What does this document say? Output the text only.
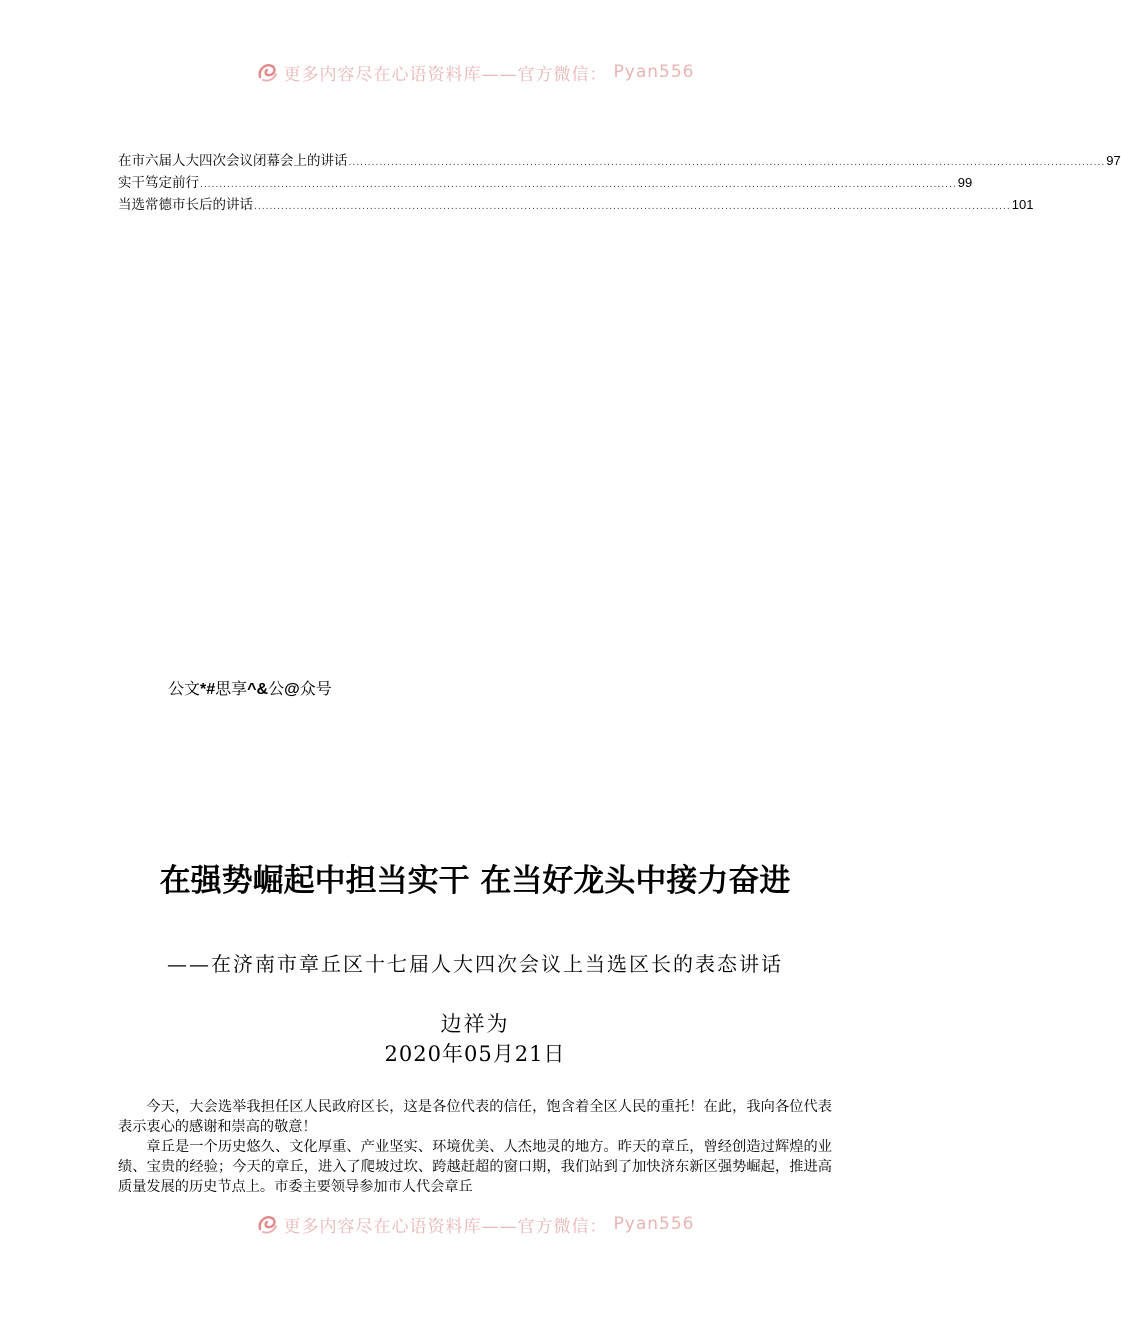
更多内容尽在心语资料库——官方微信： Pyan556
在市六届人大四次会议闭幕会上的讲话 .................................................................................................................................................................................................... 97
实干笃定前行 .................................................................................................................................................................................................... 99
当选常德市长后的讲话 .................................................................................................................................................................................................... 101
公文*#思享^&公@众号
在强势崛起中担当实干 在当好龙头中接力奋进
——在济南市章丘区十七届人大四次会议上当选区长的表态讲话
边祥为
2020年05月21日

今天，大会选举我担任区人民政府区长，这是各位代表的信任，饱含着全区人民的重托！在此，我向各位代表表示衷心的感谢和崇高的敬意！

章丘是一个历史悠久、文化厚重、产业坚实、环境优美、人杰地灵的地方。昨天的章丘，曾经创造过辉煌的业绩、宝贵的经验；今天的章丘，进入了爬坡过坎、跨越赶超的窗口期，我们站到了加快济东新区强势崛起，推进高质量发展的历史节点上。市委主要领导参加市人代会章丘

更多内容尽在心语资料库——官方微信： Pyan556
